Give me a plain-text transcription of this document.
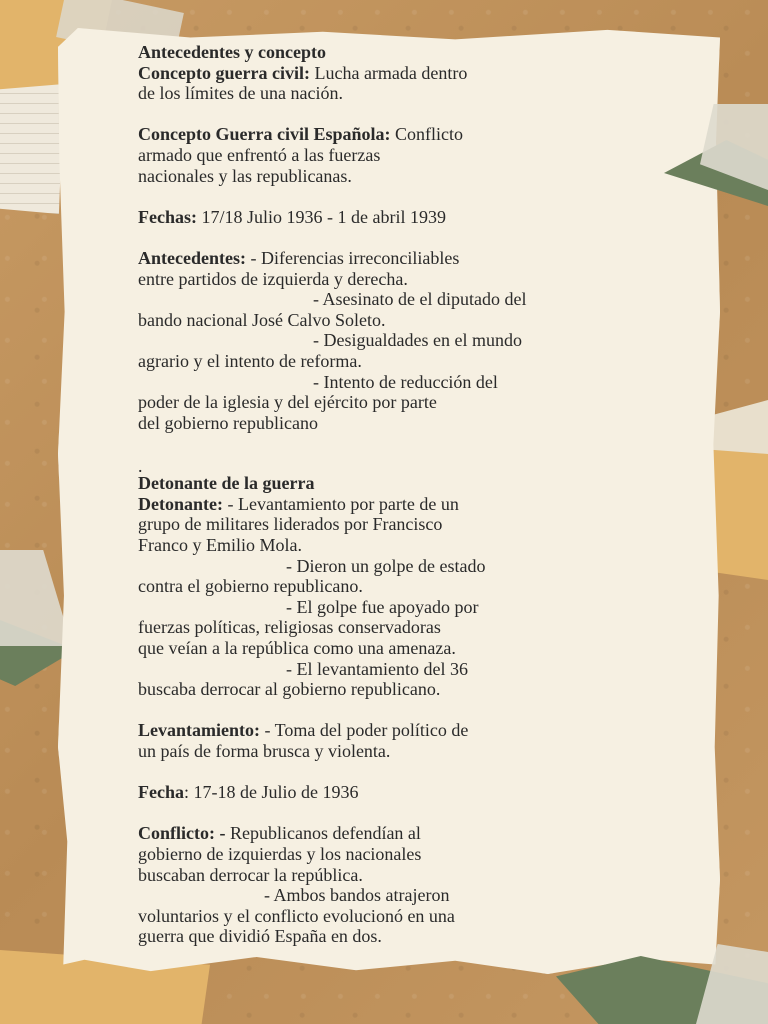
Antecedentes y concepto

Concepto guerra civil: Lucha armada dentro

de los límites de una nación.

Concepto Guerra civil Española: Conflicto

armado que enfrentó a las fuerzas

nacionales y las republicanas.

Fechas: 17/18 Julio 1936 - 1 de abril 1939

Antecedentes: - Diferencias irreconciliables

entre partidos de izquierda y derecha.

- Asesinato de el diputado del

bando nacional José Calvo Soleto.

- Desigualdades en el mundo

agrario y el intento de reforma.

- Intento de reducción del

poder de la iglesia y del ejército por parte

del gobierno republicano

.

Detonante de la guerra

Detonante: - Levantamiento por parte de un

grupo de militares liderados por Francisco

Franco y Emilio Mola.

- Dieron un golpe de estado

contra el gobierno republicano.

- El golpe fue apoyado por

fuerzas políticas, religiosas conservadoras

que veían a la república como una amenaza.

- El levantamiento del 36

buscaba derrocar al gobierno republicano.

Levantamiento: - Toma del poder político de

un país de forma brusca y violenta.

Fecha: 17-18 de Julio de 1936

Conflicto: - Republicanos defendían al

gobierno de izquierdas y los nacionales

buscaban derrocar la república.

- Ambos bandos atrajeron

voluntarios y el conflicto evolucionó en una

guerra que dividió España en dos.
